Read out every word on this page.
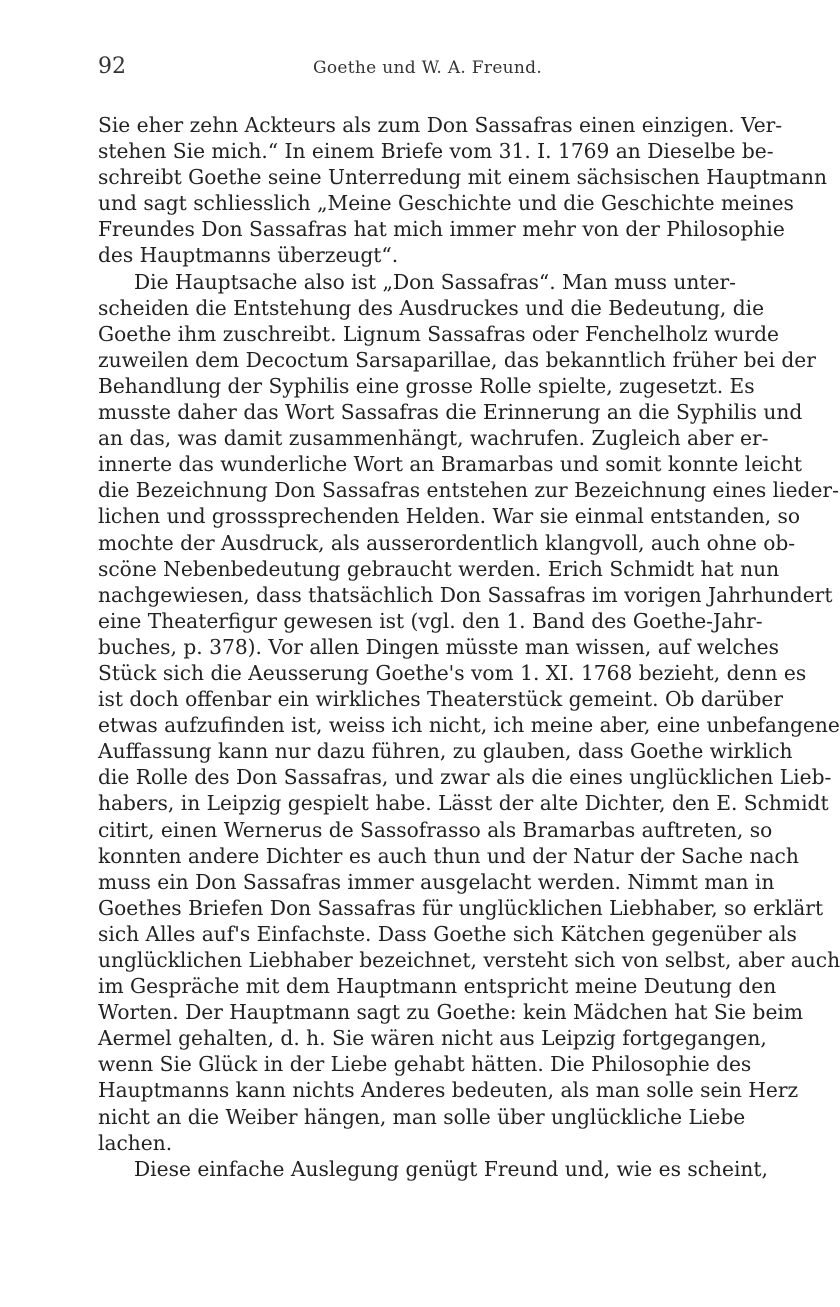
92	Goethe und W. A. Freund.
Sie eher zehn Ackteurs als zum Don Sassafras einen einzigen. Ver-
stehen Sie mich.“ In einem Briefe vom 31. I. 1769 an Dieselbe be-
schreibt Goethe seine Unterredung mit einem sächsischen Hauptmann
und sagt schliesslich „Meine Geschichte und die Geschichte meines
Freundes Don Sassafras hat mich immer mehr von der Philosophie
des Hauptmanns überzeugt“.
Die Hauptsache also ist „Don Sassafras“. Man muss unter-
scheiden die Entstehung des Ausdruckes und die Bedeutung, die
Goethe ihm zuschreibt. Lignum Sassafras oder Fenchelholz wurde
zuweilen dem Decoctum Sarsaparillae, das bekanntlich früher bei der
Behandlung der Syphilis eine grosse Rolle spielte, zugesetzt. Es
musste daher das Wort Sassafras die Erinnerung an die Syphilis und
an das, was damit zusammenhängt, wachrufen. Zugleich aber er-
innerte das wunderliche Wort an Bramarbas und somit konnte leicht
die Bezeichnung Don Sassafras entstehen zur Bezeichnung eines lieder-
lichen und grosssprechenden Helden. War sie einmal entstanden, so
mochte der Ausdruck, als ausserordentlich klangvoll, auch ohne ob-
scöne Nebenbedeutung gebraucht werden. Erich Schmidt hat nun
nachgewiesen, dass thatsächlich Don Sassafras im vorigen Jahrhundert
eine Theaterfigur gewesen ist (vgl. den 1. Band des Goethe-Jahr-
buches, p. 378). Vor allen Dingen müsste man wissen, auf welches
Stück sich die Aeusserung Goethe's vom 1. XI. 1768 bezieht, denn es
ist doch offenbar ein wirkliches Theaterstück gemeint. Ob darüber
etwas aufzufinden ist, weiss ich nicht, ich meine aber, eine unbefangene
Auffassung kann nur dazu führen, zu glauben, dass Goethe wirklich
die Rolle des Don Sassafras, und zwar als die eines unglücklichen Lieb-
habers, in Leipzig gespielt habe. Lässt der alte Dichter, den E. Schmidt
citirt, einen Wernerus de Sassofrasso als Bramarbas auftreten, so
konnten andere Dichter es auch thun und der Natur der Sache nach
muss ein Don Sassafras immer ausgelacht werden. Nimmt man in
Goethes Briefen Don Sassafras für unglücklichen Liebhaber, so erklärt
sich Alles auf's Einfachste. Dass Goethe sich Kätchen gegenüber als
unglücklichen Liebhaber bezeichnet, versteht sich von selbst, aber auch
im Gespräche mit dem Hauptmann entspricht meine Deutung den
Worten. Der Hauptmann sagt zu Goethe: kein Mädchen hat Sie beim
Aermel gehalten, d. h. Sie wären nicht aus Leipzig fortgegangen,
wenn Sie Glück in der Liebe gehabt hätten. Die Philosophie des
Hauptmanns kann nichts Anderes bedeuten, als man solle sein Herz
nicht an die Weiber hängen, man solle über unglückliche Liebe
lachen.
Diese einfache Auslegung genügt Freund und, wie es scheint,
